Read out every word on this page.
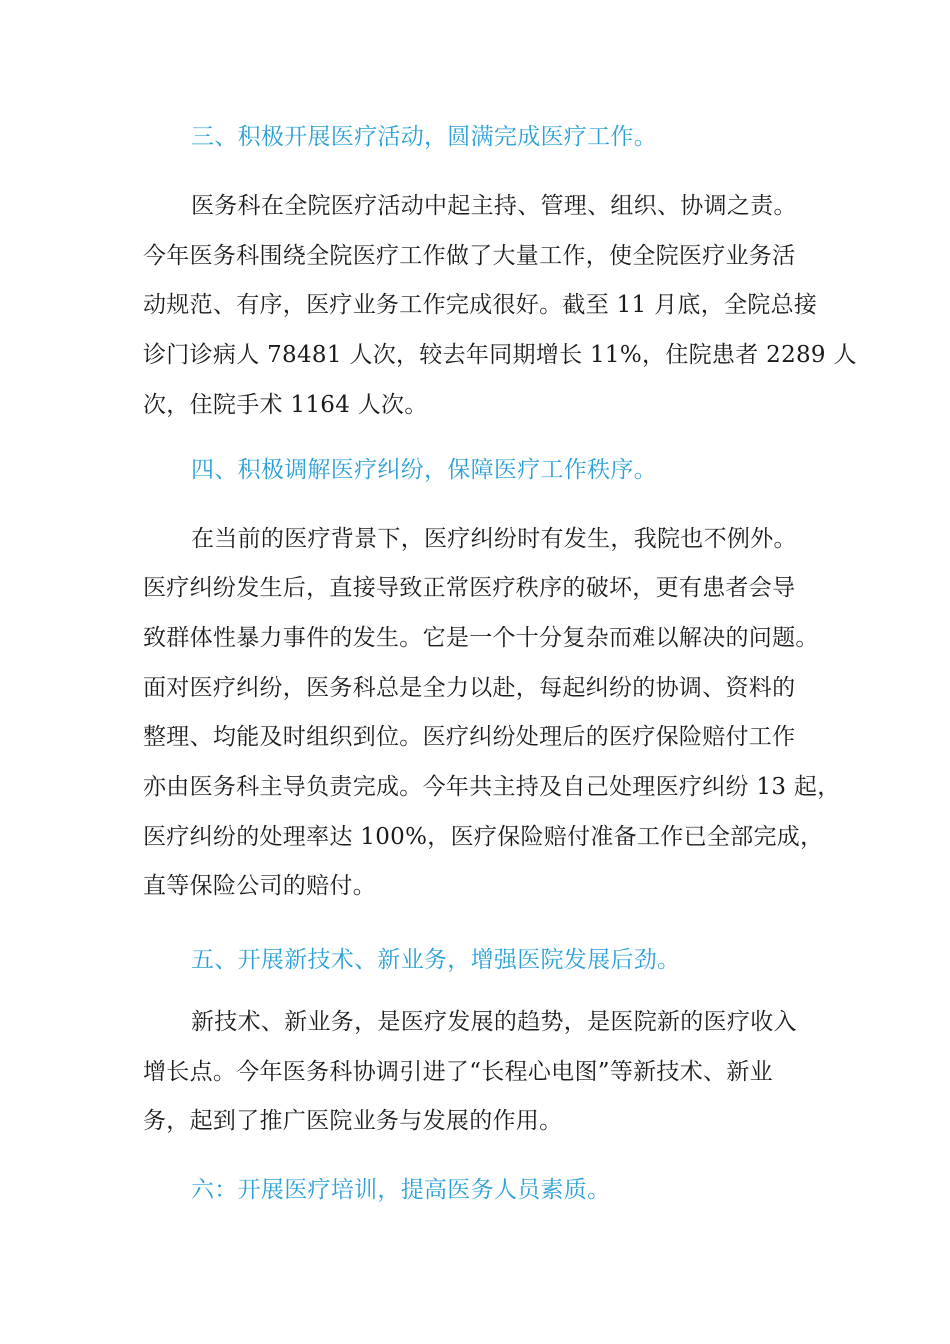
三、积极开展医疗活动，圆满完成医疗工作。
医务科在全院医疗活动中起主持、管理、组织、协调之责。
今年医务科围绕全院医疗工作做了大量工作，使全院医疗业务活
动规范、有序，医疗业务工作完成很好。截至 11 月底，全院总接
诊门诊病人 78481 人次，较去年同期增长 11%，住院患者 2289 人
次，住院手术 1164 人次。
四、积极调解医疗纠纷，保障医疗工作秩序。
在当前的医疗背景下，医疗纠纷时有发生，我院也不例外。
医疗纠纷发生后，直接导致正常医疗秩序的破坏，更有患者会导
致群体性暴力事件的发生。它是一个十分复杂而难以解决的问题。
面对医疗纠纷，医务科总是全力以赴，每起纠纷的协调、资料的
整理、均能及时组织到位。医疗纠纷处理后的医疗保险赔付工作
亦由医务科主导负责完成。今年共主持及自己处理医疗纠纷 13 起，
医疗纠纷的处理率达 100%，医疗保险赔付准备工作已全部完成，
直等保险公司的赔付。
五、开展新技术、新业务，增强医院发展后劲。
新技术、新业务，是医疗发展的趋势，是医院新的医疗收入
增长点。今年医务科协调引进了“长程心电图”等新技术、新业
务，起到了推广医院业务与发展的作用。
六：开展医疗培训，提高医务人员素质。
